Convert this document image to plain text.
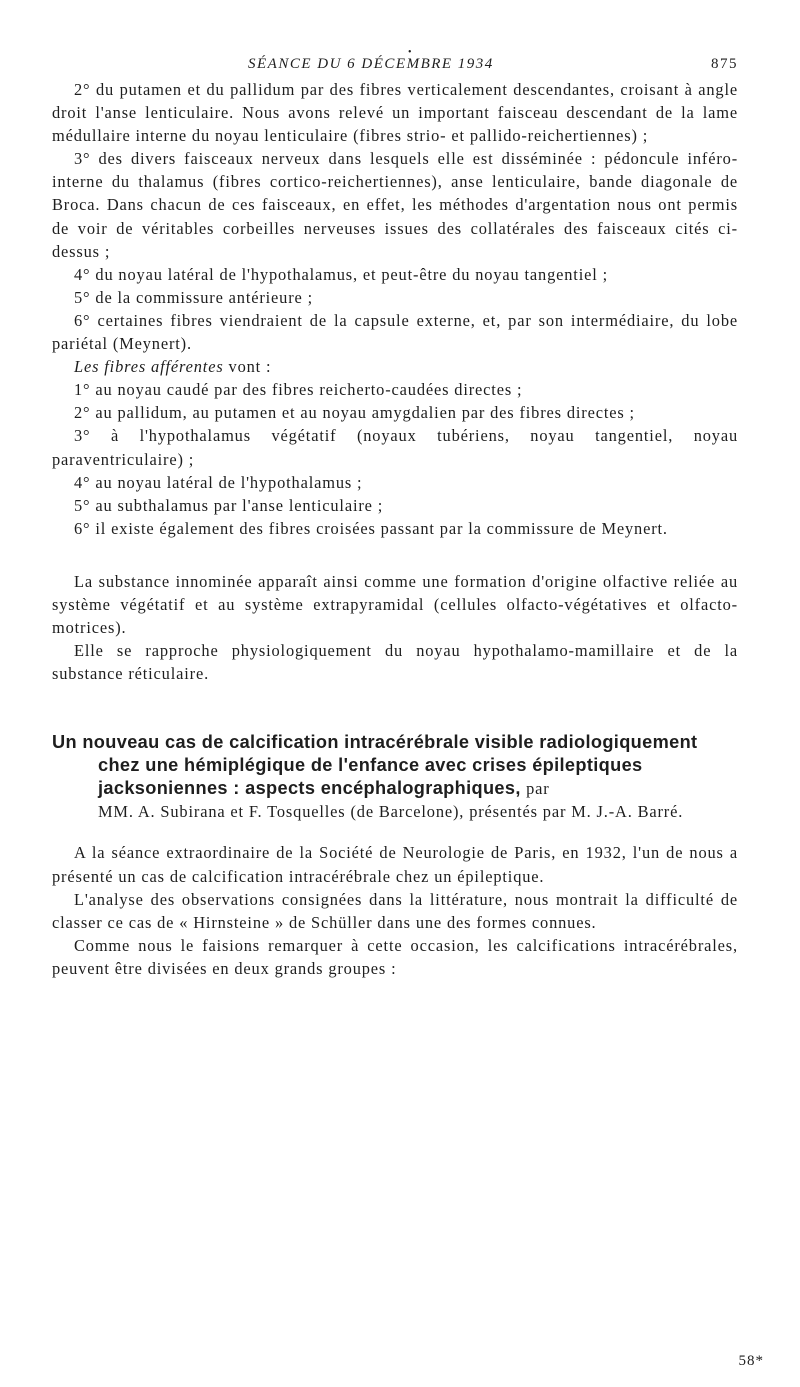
•
SÉANCE DU 6 DÉCEMBRE 1934	875

2° du putamen et du pallidum par des fibres verticalement descendantes, croisant à angle droit l'anse lenticulaire. Nous avons relevé un important faisceau descendant de la lame médullaire interne du noyau lenticulaire (fibres strio- et pallido-reichertiennes) ;

3° des divers faisceaux nerveux dans lesquels elle est disséminée : pédoncule inféro-interne du thalamus (fibres cortico-reichertiennes), anse lenticulaire, bande diagonale de Broca. Dans chacun de ces faisceaux, en effet, les méthodes d'argentation nous ont permis de voir de véritables corbeilles nerveuses issues des collatérales des faisceaux cités ci-dessus ;

4° du noyau latéral de l'hypothalamus, et peut-être du noyau tangentiel ;

5° de la commissure antérieure ;

6° certaines fibres viendraient de la capsule externe, et, par son intermédiaire, du lobe pariétal (Meynert).

Les fibres afférentes vont :

1° au noyau caudé par des fibres reicherto-caudées directes ;

2° au pallidum, au putamen et au noyau amygdalien par des fibres directes ;

3° à l'hypothalamus végétatif (noyaux tubériens, noyau tangentiel, noyau paraventriculaire) ;

4° au noyau latéral de l'hypothalamus ;

5° au subthalamus par l'anse lenticulaire ;

6° il existe également des fibres croisées passant par la commissure de Meynert.

La substance innominée apparaît ainsi comme une formation d'origine olfactive reliée au système végétatif et au système extrapyramidal (cellules olfacto-végétatives et olfacto-motrices).

Elle se rapproche physiologiquement du noyau hypothalamo-mamillaire et de la substance réticulaire.

Un nouveau cas de calcification intracérébrale visible radiologiquement chez une hémiplégique de l'enfance avec crises épileptiques jacksoniennes : aspects encéphalographiques, par

MM. A. Subirana et F. Tosquelles (de Barcelone), présentés par M. J.-A. Barré.

A la séance extraordinaire de la Société de Neurologie de Paris, en 1932, l'un de nous a présenté un cas de calcification intracérébrale chez un épileptique.

L'analyse des observations consignées dans la littérature, nous montrait la difficulté de classer ce cas de « Hirnsteine » de Schüller dans une des formes connues.

Comme nous le faisions remarquer à cette occasion, les calcifications intracérébrales, peuvent être divisées en deux grands groupes :

58*
